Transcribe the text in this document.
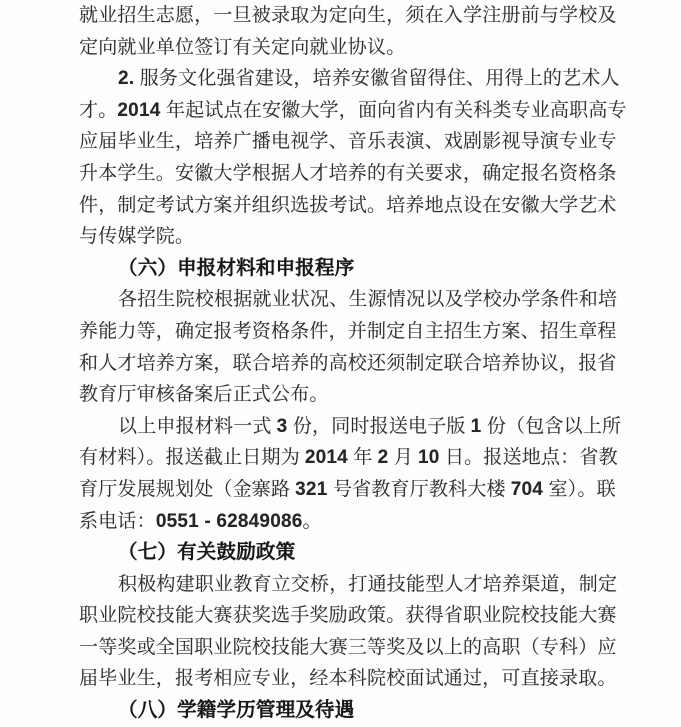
就业招生志愿，一旦被录取为定向生，须在入学注册前与学校及
定向就业单位签订有关定向就业协议。
2. 服务文化强省建设，培养安徽省留得住、用得上的艺术人
才。2014 年起试点在安徽大学，面向省内有关科类专业高职高专
应届毕业生，培养广播电视学、音乐表演、戏剧影视导演专业专
升本学生。安徽大学根据人才培养的有关要求，确定报名资格条
件，制定考试方案并组织选拔考试。培养地点设在安徽大学艺术
与传媒学院。
（六）申报材料和申报程序
各招生院校根据就业状况、生源情况以及学校办学条件和培
养能力等，确定报考资格条件，并制定自主招生方案、招生章程
和人才培养方案，联合培养的高校还须制定联合培养协议，报省
教育厅审核备案后正式公布。
以上申报材料一式 3 份，同时报送电子版 1 份（包含以上所
有材料）。报送截止日期为 2014 年 2 月 10 日。报送地点：省教
育厅发展规划处（金寨路 321 号省教育厅教科大楼 704 室）。联
系电话：0551 - 62849086。
（七）有关鼓励政策
积极构建职业教育立交桥，打通技能型人才培养渠道，制定
职业院校技能大赛获奖选手奖励政策。获得省职业院校技能大赛
一等奖或全国职业院校技能大赛三等奖及以上的高职（专科）应
届毕业生，报考相应专业，经本科院校面试通过，可直接录取。
（八）学籍学历管理及待遇
